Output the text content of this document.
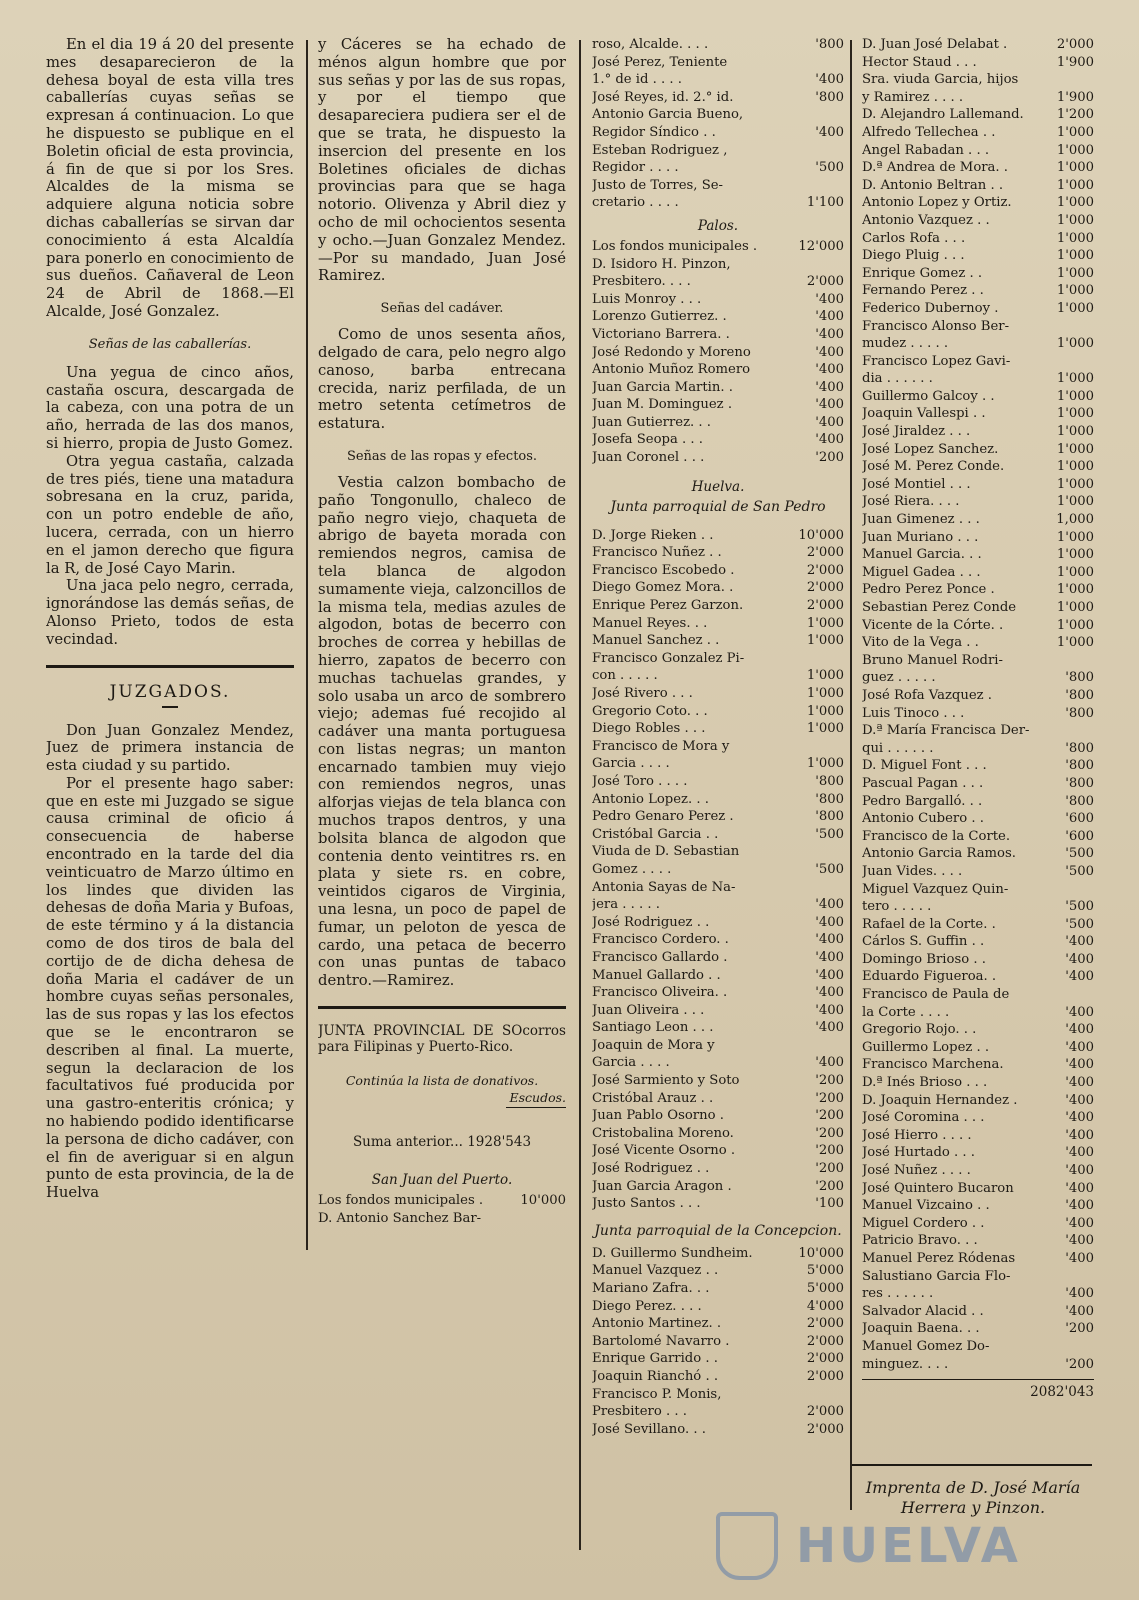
En el dia 19 á 20 del presente mes desaparecieron de la dehesa boyal de esta villa tres caballerías cuyas señas se expresan á continuacion. Lo que he dispuesto se publique en el Boletin oficial de esta provincia, á fin de que si por los Sres. Alcaldes de la misma se adquiere alguna noticia sobre dichas caballerías se sirvan dar conocimiento á esta Alcaldía para ponerlo en conocimiento de sus dueños. Cañaveral de Leon 24 de Abril de 1868.—El Alcalde, José Gonzalez.

Señas de las caballerías.

Una yegua de cinco años, castaña oscura, descargada de la cabeza, con una potra de un año, herrada de las dos manos, si hierro, propia de Justo Gomez.

Otra yegua castaña, calzada de tres piés, tiene una matadura sobresana en la cruz, parida, con un potro endeble de año, lucera, cerrada, con un hierro en el jamon derecho que figura la R, de José Cayo Marin.

Una jaca pelo negro, cerrada, ignorándose las demás señas, de Alonso Prieto, todos de esta vecindad.

JUZGADOS.

Don Juan Gonzalez Mendez, Juez de primera instancia de esta ciudad y su partido.

Por el presente hago saber: que en este mi Juzgado se sigue causa criminal de oficio á consecuencia de haberse encontrado en la tarde del dia veinticuatro de Marzo último en los lindes que dividen las dehesas de doña Maria y Bufoas, de este término y á la distancia como de dos tiros de bala del cortijo de de dicha dehesa de doña Maria el cadáver de un hombre cuyas señas personales, las de sus ropas y las los efectos que se le encontraron se describen al final. La muerte, segun la declaracion de los facultativos fué producida por una gastro-enteritis crónica; y no habiendo podido identificarse la persona de dicho cadáver, con el fin de averiguar si en algun punto de esta provincia, de la de Huelva

y Cáceres se ha echado de ménos algun hombre que por sus señas y por las de sus ropas, y por el tiempo que desapareciera pudiera ser el de que se trata, he dispuesto la insercion del presente en los Boletines oficiales de dichas provincias para que se haga notorio. Olivenza y Abril diez y ocho de mil ochocientos sesenta y ocho.—Juan Gonzalez Mendez.—Por su mandado, Juan José Ramirez.

Señas del cadáver.

Como de unos sesenta años, delgado de cara, pelo negro algo canoso, barba entrecana crecida, nariz perfilada, de un metro setenta cetímetros de estatura.

Señas de las ropas y efectos.

Vestia calzon bombacho de paño Tongonullo, chaleco de paño negro viejo, chaqueta de abrigo de bayeta morada con remiendos negros, camisa de tela blanca de algodon sumamente vieja, calzoncillos de la misma tela, medias azules de algodon, botas de becerro con broches de correa y hebillas de hierro, zapatos de becerro con muchas tachuelas grandes, y solo usaba un arco de sombrero viejo; ademas fué recojido al cadáver una manta portuguesa con listas negras; un manton encarnado tambien muy viejo con remiendos negros, unas alforjas viejas de tela blanca con muchos trapos dentros, y una bolsita blanca de algodon que contenia dento veintitres rs. en plata y siete rs. en cobre, veintidos cigaros de Virginia, una lesna, un poco de papel de fumar, un peloton de yesca de cardo, una petaca de becerro con unas puntas de tabaco dentro.—Ramirez.

JUNTA PROVINCIAL DE SOcorros para Filipinas y Puerto-Rico.

Continúa la lista de donativos.

Escudos.

Suma anterior... 1928'543

San Juan del Puerto.
Los fondos municipales .	10'000
D. Antonio Sanchez Bar-
roso, Alcalde. . . .	'800
José Perez, Teniente
1.° de id . . . .	'400
José Reyes, id. 2.° id.	'800
Antonio Garcia Bueno,
Regidor Síndico . .	'400
Esteban Rodriguez ,
Regidor . . . .	'500
Justo de Torres, Se-
cretario . . . .	1'100
Palos.
Los fondos municipales .	12'000
D. Isidoro H. Pinzon,
Presbitero. . . .	2'000
Luis Monroy . . .	'400
Lorenzo Gutierrez. .	'400
Victoriano Barrera. .	'400
José Redondo y Moreno	'400
Antonio Muñoz Romero	'400
Juan Garcia Martin. .	'400
Juan M. Dominguez .	'400
Juan Gutierrez. . .	'400
Josefa Seopa . . .	'400
Juan Coronel . . .	'200
Huelva.
Junta parroquial de San Pedro
D. Jorge Rieken . .	10'000
Francisco Nuñez . .	2'000
Francisco Escobedo .	2'000
Diego Gomez Mora. .	2'000
Enrique Perez Garzon.	2'000
Manuel Reyes. . .	1'000
Manuel Sanchez . .	1'000
Francisco Gonzalez Pi-
con . . . . .	1'000
José Rivero . . .	1'000
Gregorio Coto. . .	1'000
Diego Robles . . .	1'000
Francisco de Mora y
Garcia . . . .	1'000
José Toro . . . .	'800
Antonio Lopez. . .	'800
Pedro Genaro Perez .	'800
Cristóbal Garcia . .	'500
Viuda de D. Sebastian
Gomez . . . .	'500
Antonia Sayas de Na-
jera . . . . .	'400
José Rodriguez . .	'400
Francisco Cordero. .	'400
Francisco Gallardo .	'400
Manuel Gallardo . .	'400
Francisco Oliveira. .	'400
Juan Oliveira . . .	'400
Santiago Leon . . .	'400
Joaquin de Mora y
Garcia . . . .	'400
José Sarmiento y Soto	'200
Cristóbal Arauz . .	'200
Juan Pablo Osorno .	'200
Cristobalina Moreno.	'200
José Vicente Osorno .	'200
José Rodriguez . .	'200
Juan Garcia Aragon .	'200
Justo Santos . . .	'100
Junta parroquial de la Concepcion.
D. Guillermo Sundheim.	10'000
Manuel Vazquez . .	5'000
Mariano Zafra. . .	5'000
Diego Perez. . . .	4'000
Antonio Martinez. .	2'000
Bartolomé Navarro .	2'000
Enrique Garrido . .	2'000
Joaquin Rianchó . .	2'000
Francisco P. Monis,
Presbitero . . .	2'000
José Sevillano. . .	2'000
D. Juan José Delabat .	2'000
Hector Staud . . .	1'900
Sra. viuda Garcia, hijos
y Ramirez . . . .	1'900
D. Alejandro Lallemand.	1'200
Alfredo Tellechea . .	1'000
Angel Rabadan . . .	1'000
D.ª Andrea de Mora. .	1'000
D. Antonio Beltran . .	1'000
Antonio Lopez y Ortiz.	1'000
Antonio Vazquez . .	1'000
Carlos Rofa . . .	1'000
Diego Pluig . . .	1'000
Enrique Gomez . .	1'000
Fernando Perez . .	1'000
Federico Dubernoy .	1'000
Francisco Alonso Ber-
mudez . . . . .	1'000
Francisco Lopez Gavi-
dia . . . . . .	1'000
Guillermo Galcoy . .	1'000
Joaquin Vallespi . .	1'000
José Jiraldez . . .	1'000
José Lopez Sanchez.	1'000
José M. Perez Conde.	1'000
José Montiel . . .	1'000
José Riera. . . .	1'000
Juan Gimenez . . .	1,000
Juan Muriano . . .	1'000
Manuel Garcia. . .	1'000
Miguel Gadea . . .	1'000
Pedro Perez Ponce .	1'000
Sebastian Perez Conde	1'000
Vicente de la Córte. .	1'000
Vito de la Vega . .	1'000
Bruno Manuel Rodri-
guez . . . . .	'800
José Rofa Vazquez .	'800
Luis Tinoco . . .	'800
D.ª María Francisca Der-
qui . . . . . .	'800
D. Miguel Font . . .	'800
Pascual Pagan . . .	'800
Pedro Bargalló. . .	'800
Antonio Cubero . .	'600
Francisco de la Corte.	'600
Antonio Garcia Ramos.	'500
Juan Vides. . . .	'500
Miguel Vazquez Quin-
tero . . . . .	'500
Rafael de la Corte. .	'500
Cárlos S. Guffin . .	'400
Domingo Brioso . .	'400
Eduardo Figueroa. .	'400
Francisco de Paula de
la Corte . . . .	'400
Gregorio Rojo. . .	'400
Guillermo Lopez . .	'400
Francisco Marchena.	'400
D.ª Inés Brioso . . .	'400
D. Joaquin Hernandez .	'400
José Coromina . . .	'400
José Hierro . . . .	'400
José Hurtado . . .	'400
José Nuñez . . . .	'400
José Quintero Bucaron	'400
Manuel Vizcaino . .	'400
Miguel Cordero . .	'400
Patricio Bravo. . .	'400
Manuel Perez Ródenas	'400
Salustiano Garcia Flo-
res . . . . . .	'400
Salvador Alacid . .	'400
Joaquin Baena. . .	'200
Manuel Gomez Do-
minguez. . . .	'200
2082'043
Imprenta de D. José María
Herrera y Pinzon.
HUELVA
